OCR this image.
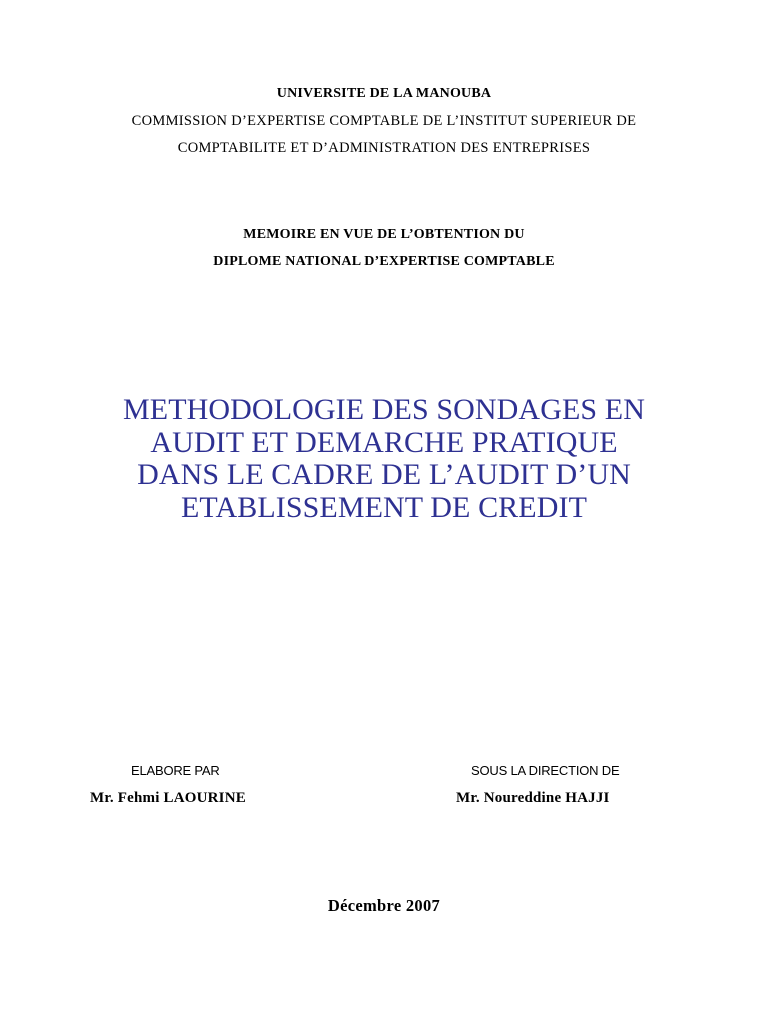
UNIVERSITE DE LA MANOUBA
COMMISSION D’EXPERTISE COMPTABLE DE L’INSTITUT SUPERIEUR DE
COMPTABILITE ET D’ADMINISTRATION DES ENTREPRISES
MEMOIRE EN VUE DE L’OBTENTION DU
DIPLOME NATIONAL D’EXPERTISE COMPTABLE
METHODOLOGIE DES SONDAGES EN
AUDIT ET DEMARCHE PRATIQUE
DANS LE CADRE DE L’AUDIT D’UN
ETABLISSEMENT DE CREDIT
ELABORE PAR	SOUS LA DIRECTION DE
Mr. Fehmi LAOURINE	Mr. Noureddine HAJJI
Décembre 2007
